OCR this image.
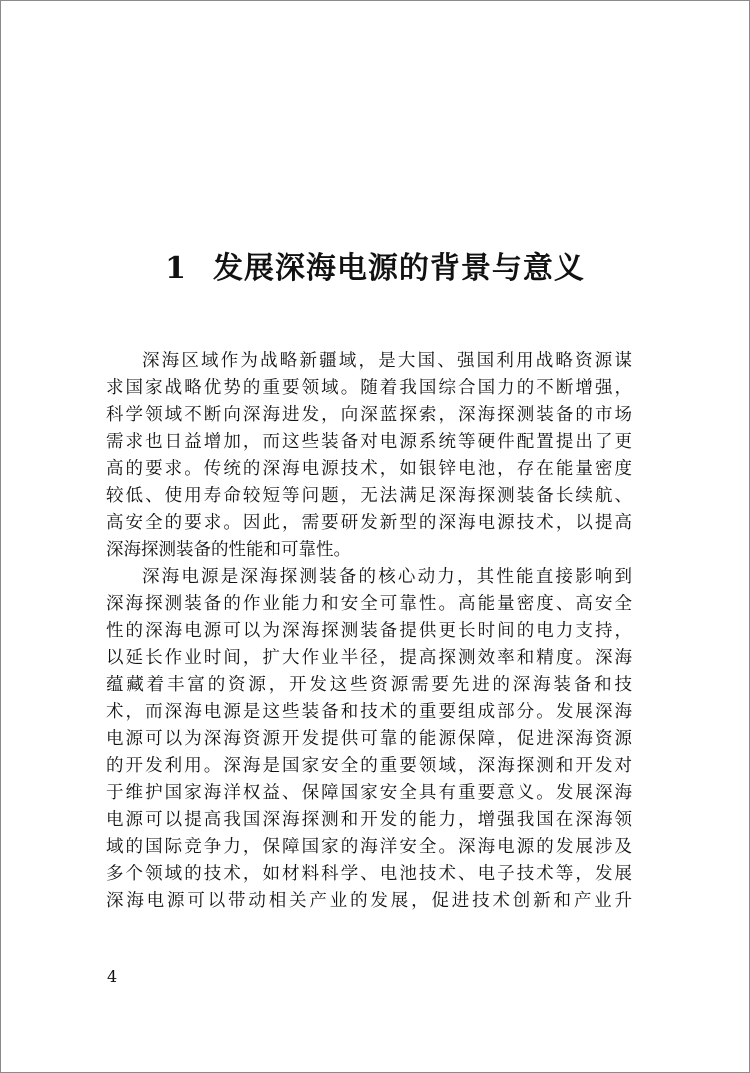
1 发展深海电源的背景与意义
深海区域作为战略新疆域，是大国、强国利用战略资源谋
求国家战略优势的重要领域。随着我国综合国力的不断增强，
科学领域不断向深海进发，向深蓝探索，深海探测装备的市场
需求也日益增加，而这些装备对电源系统等硬件配置提出了更
高的要求。传统的深海电源技术，如银锌电池，存在能量密度
较低、使用寿命较短等问题，无法满足深海探测装备长续航、
高安全的要求。因此，需要研发新型的深海电源技术，以提高
深海探测装备的性能和可靠性。
深海电源是深海探测装备的核心动力，其性能直接影响到
深海探测装备的作业能力和安全可靠性。高能量密度、高安全
性的深海电源可以为深海探测装备提供更长时间的电力支持，
以延长作业时间，扩大作业半径，提高探测效率和精度。深海
蕴藏着丰富的资源，开发这些资源需要先进的深海装备和技
术，而深海电源是这些装备和技术的重要组成部分。发展深海
电源可以为深海资源开发提供可靠的能源保障，促进深海资源
的开发利用。深海是国家安全的重要领域，深海探测和开发对
于维护国家海洋权益、保障国家安全具有重要意义。发展深海
电源可以提高我国深海探测和开发的能力，增强我国在深海领
域的国际竞争力，保障国家的海洋安全。深海电源的发展涉及
多个领域的技术，如材料科学、电池技术、电子技术等，发展
深海电源可以带动相关产业的发展，促进技术创新和产业升
4
